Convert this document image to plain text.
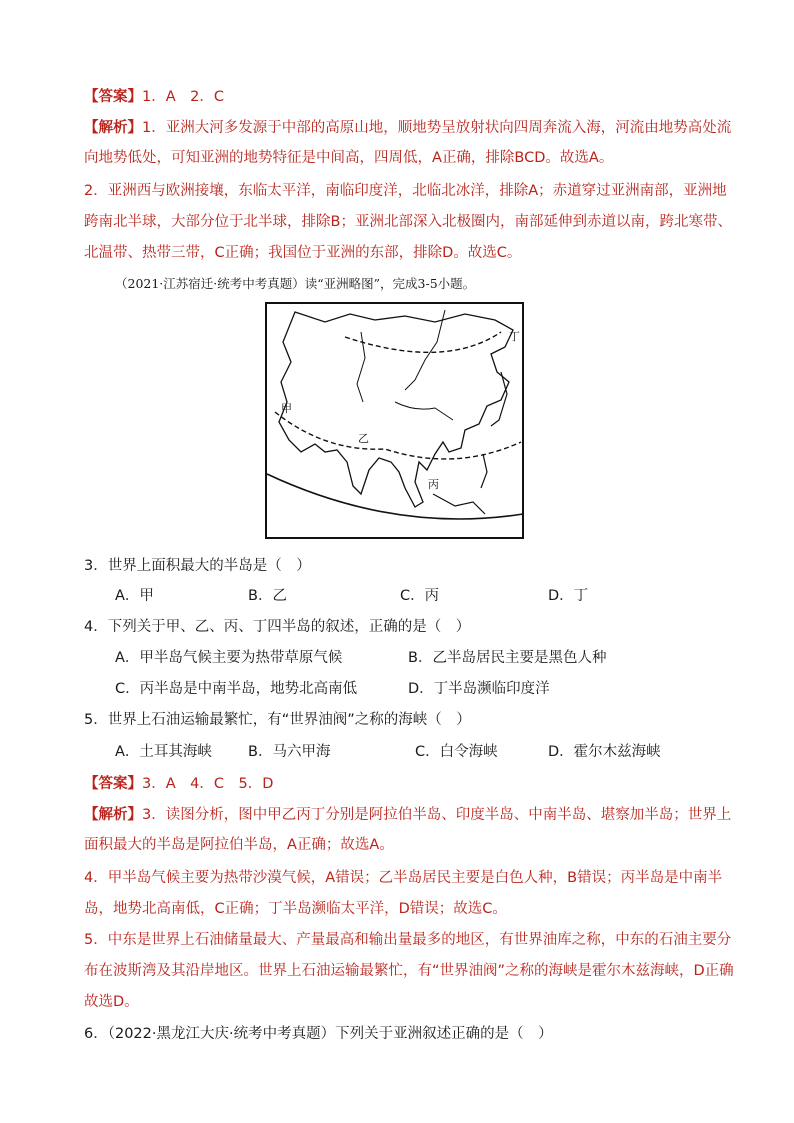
【答案】1．A　2．C
【解析】1．亚洲大河多发源于中部的高原山地，顺地势呈放射状向四周奔流入海，河流由地势高处流
向地势低处，可知亚洲的地势特征是中间高，四周低，A正确，排除BCD。故选A。
2．亚洲西与欧洲接壤，东临太平洋，南临印度洋，北临北冰洋，排除A；赤道穿过亚洲南部，亚洲地
跨南北半球，大部分位于北半球，排除B；亚洲北部深入北极圈内，南部延伸到赤道以南，跨北寒带、
北温带、热带三带，C正确；我国位于亚洲的东部，排除D。故选C。
（2021·江苏宿迁·统考中考真题）读“亚洲略图”，完成3-5小题。
甲
乙
丙
丁
3．世界上面积最大的半岛是（　）
A．甲	B．乙	C．丙	D．丁
4．下列关于甲、乙、丙、丁四半岛的叙述，正确的是（　）
A．甲半岛气候主要为热带草原气候	B．乙半岛居民主要是黑色人种
C．丙半岛是中南半岛，地势北高南低	D．丁半岛濒临印度洋
5．世界上石油运输最繁忙，有“世界油阀”之称的海峡（　）
A．土耳其海峡 B．马六甲海	C．白令海峡	D．霍尔木兹海峡
【答案】3．A　4．C　5．D
【解析】3．读图分析，图中甲乙丙丁分别是阿拉伯半岛、印度半岛、中南半岛、堪察加半岛；世界上
面积最大的半岛是阿拉伯半岛，A正确；故选A。
4．甲半岛气候主要为热带沙漠气候，A错误；乙半岛居民主要是白色人种，B错误；丙半岛是中南半
岛，地势北高南低，C正确；丁半岛濒临太平洋，D错误；故选C。
5．中东是世界上石油储量最大、产量最高和输出量最多的地区，有世界油库之称，中东的石油主要分
布在波斯湾及其沿岸地区。世界上石油运输最繁忙，有“世界油阀”之称的海峡是霍尔木兹海峡，D正确
故选D。
6．（2022·黑龙江大庆·统考中考真题）下列关于亚洲叙述正确的是（　）
